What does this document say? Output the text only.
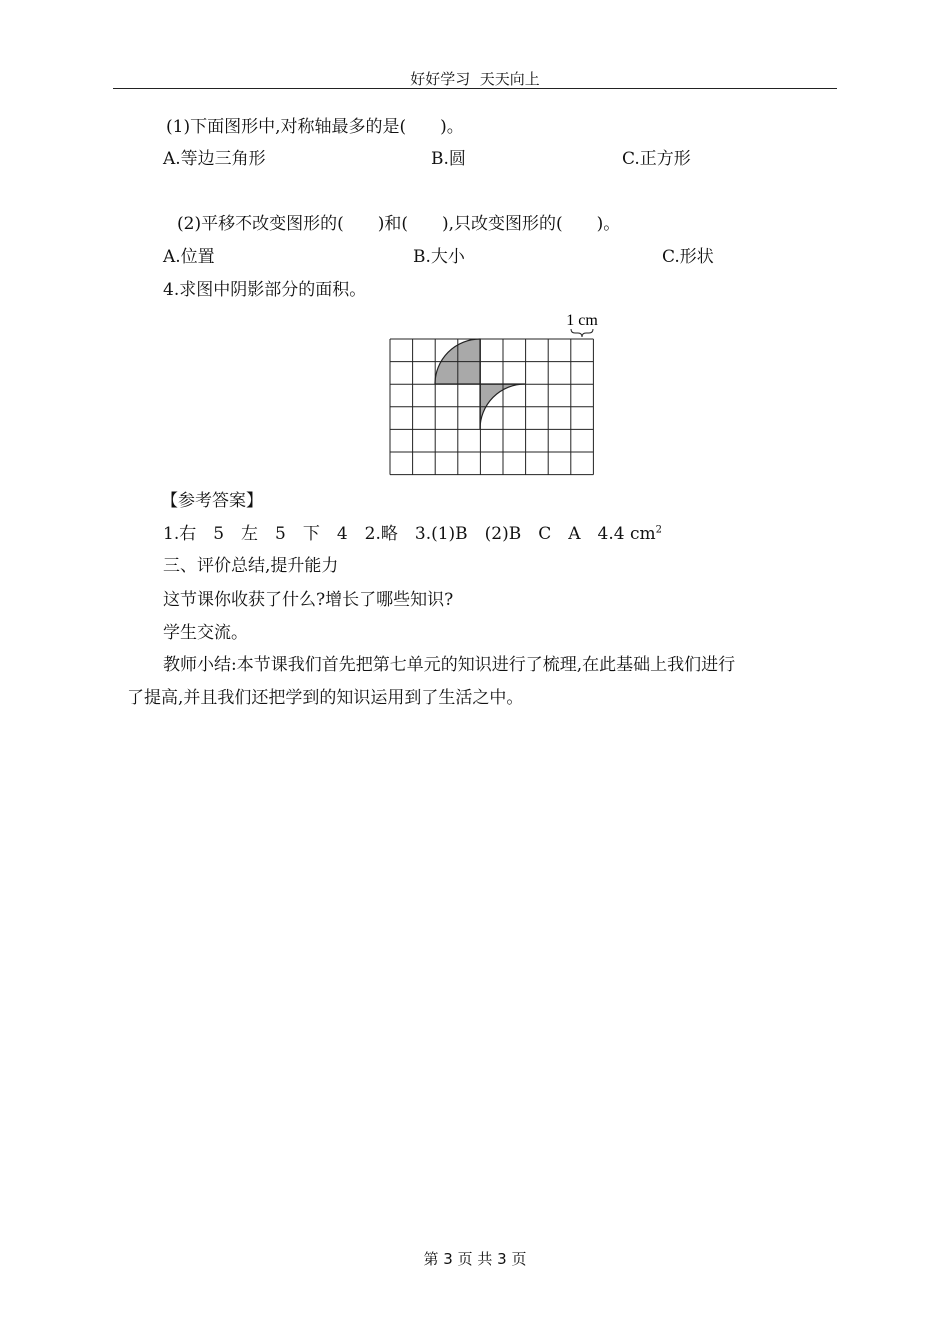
好好学习  天天向上
(1)下面图形中,对称轴最多的是(　　)。
A.等边三角形	B.圆	C.正方形
(2)平移不改变图形的(　　)和(　　),只改变图形的(　　)。
A.位置	B.大小	C.形状
4.求图中阴影部分的面积。
1 cm
【参考答案】
1.右　5　左　5　下　4　2.略　3.(1)B　(2)B　C　A　4.4 $cm^2$
三、评价总结,提升能力
这节课你收获了什么?增长了哪些知识?
学生交流。
教师小结:本节课我们首先把第七单元的知识进行了梳理,在此基础上我们进行
了提高,并且我们还把学到的知识运用到了生活之中。
第 3 页 共 3 页
